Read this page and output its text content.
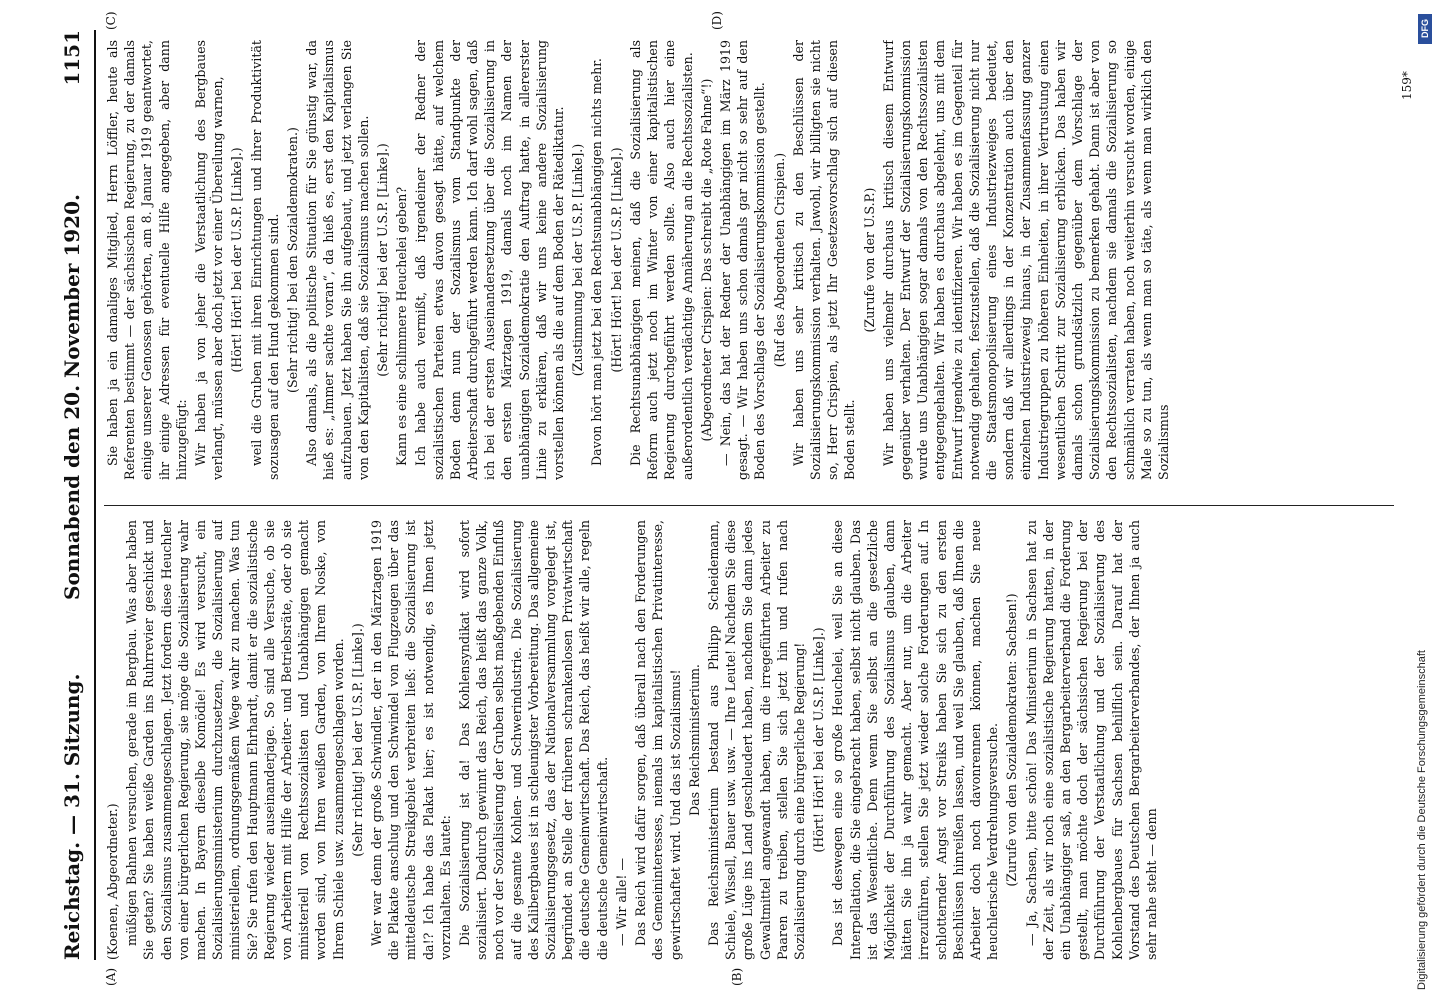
Reichstag. — 31. Sitzung.
Sonnabend den 20. November 1920.
1151
(A)	(B)
(C)	(D)

(Koenen, Abgeordneter.) müßigen Bahnen versuchen, gerade im Bergbau. Was aber haben Sie getan? Sie haben weiße Garden ins Ruhrrevier geschickt und den Sozialismus zusammengeschlagen. Jetzt fordern diese Heuchler von einer bürgerlichen Regierung, sie möge die Sozialisierung wahr machen. In Bayern dieselbe Komödie! Es wird versucht, ein Sozialisierungsministerium durchzusetzen, die Sozialisierung auf ministeriellem, ordnungsgemäßem Wege wahr zu machen. Was tun Sie? Sie rufen den Hauptmann Ehrhardt, damit er die sozialistische Regierung wieder auseinanderjage. So sind alle Versuche, ob sie von Arbeitern mit Hilfe der Arbeiter- und Betriebsräte, oder ob sie ministeriell von Rechtssozialisten und Unabhängigen gemacht worden sind, von Ihren weißen Garden, von Ihrem Noske, von Ihrem Schiele usw. zusammengeschlagen worden. (Sehr richtig! bei der U.S.P. [Linke].) Wer war denn der große Schwindler, der in den Märztagen 1919 die Plakate anschlug und den Schwindel von Flugzeugen über das mitteldeutsche Streikgebiet verbreiten ließ: die Sozialisierung ist da!? Ich habe das Plakat hier; es ist notwendig, es Ihnen jetzt vorzuhalten. Es lautet: Die Sozialisierung ist da! Das Kohlensyndikat wird sofort sozialisiert. Dadurch gewinnt das Reich, das heißt das ganze Volk, noch vor der Sozialisierung der Gruben selbst maßgebenden Einfluß auf die gesamte Kohlen- und Schwerindustrie. Die Sozialisierung des Kalibergbaues ist in schleunigster Vorbereitung. Das allgemeine Sozialisierungsgesetz, das der Nationalversammlung vorgelegt ist, begründet an Stelle der früheren schrankenlosen Privatwirtschaft die deutsche Gemeinwirtschaft. Das Reich, das heißt wir alle, regeln die deutsche Gemeinwirtschaft. — Wir alle! — Das Reich wird dafür sorgen, daß überall nach den Forderungen des Gemeininteresses, niemals im kapitalistischen Privatinteresse, gewirtschaftet wird. Und das ist Sozialismus! Das Reichsministerium. Das Reichsministerium bestand aus Philipp Scheidemann, Schiele, Wissell, Bauer usw. usw. — Ihre Leute! Nachdem Sie diese große Lüge ins Land geschleudert haben, nachdem Sie dann jedes Gewaltmittel angewandt haben, um die irregeführten Arbeiter zu Paaren zu treiben, stellen Sie sich jetzt hin und rufen nach Sozialisierung durch eine bürgerliche Regierung! (Hört! Hört! bei der U.S.P. [Linke].) Das ist deswegen eine so große Heuchelei, weil Sie an diese Interpellation, die Sie eingebracht haben, selbst nicht glauben. Das ist das Wesentliche. Denn wenn Sie selbst an die gesetzliche Möglichkeit der Durchführung des Sozialismus glauben, dann hätten Sie ihn ja wahr gemacht. Aber nur, um die Arbeiter irrezuführen, stellen Sie jetzt wieder solche Forderungen auf. In schlotternder Angst vor Streiks haben Sie sich zu den ersten Beschlüssen hinreißen lassen, und weil Sie glauben, daß Ihnen die Arbeiter doch noch davonrennen können, machen Sie neue heuchlerische Verdrehungsversuche. (Zurufe von den Sozialdemokraten: Sachsen!) — Ja, Sachsen, bitte schön! Das Ministerium in Sachsen hat zu der Zeit, als wir noch eine sozialistische Regierung hatten, in der ein Unabhängiger saß, an den Bergarbeiterverband die Forderung gestellt, man möchte doch der sächsischen Regierung bei der Durchführung der Verstaatlichung und der Sozialisierung des Kohlenbergbaues für Sachsen behilflich sein. Darauf hat der Vorstand des Deutschen Bergarbeiterverbandes, der Ihnen ja auch sehr nahe steht — denn

Sie haben ja ein damaliges Mitglied, Herrn Löffler, heute als Referenten bestimmt — der sächsischen Regierung, zu der damals einige unserer Genossen gehörten, am 8. Januar 1919 geantwortet, ihr einige Adressen für eventuelle Hilfe angegeben, aber dann hinzugefügt: Wir haben ja von jeher die Verstaatlichung des Bergbaues verlangt, müssen aber doch jetzt vor einer Übereilung warnen, (Hört! Hört! bei der U.S.P. [Linke].) weil die Gruben mit ihren Einrichtungen und ihrer Produktivität sozusagen auf den Hund gekommen sind. (Sehr richtig! bei den Sozialdemokraten.) Also damals, als die politische Situation für Sie günstig war, da hieß es: „Immer sachte voran“, da hieß es, erst den Kapitalismus aufzubauen. Jetzt haben Sie ihn aufgebaut, und jetzt verlangen Sie von den Kapitalisten, daß sie Sozialismus machen sollen. (Sehr richtig! bei der U.S.P. [Linke].) Kann es eine schlimmere Heuchelei geben? Ich habe auch vermißt, daß irgendeiner der Redner der sozialistischen Parteien etwas davon gesagt hätte, auf welchem Boden denn nun der Sozialismus vom Standpunkte der Arbeiterschaft durchgeführt werden kann. Ich darf wohl sagen, daß ich bei der ersten Auseinandersetzung über die Sozialisierung in den ersten Märztagen 1919, damals noch im Namen der unabhängigen Sozialdemokratie den Auftrag hatte, in allererster Linie zu erklären, daß wir uns keine andere Sozialisierung vorstellen können als die auf dem Boden der Rätediktatur. (Zustimmung bei der U.S.P. [Linke].) Davon hört man jetzt bei den Rechtsunabhängigen nichts mehr. (Hört! Hört! bei der U.S.P. [Linke].) Die Rechtsunabhängigen meinen, daß die Sozialisierung als Reform auch jetzt noch im Winter von einer kapitalistischen Regierung durchgeführt werden sollte. Also auch hier eine außerordentlich verdächtige Annäherung an die Rechtssozialisten. (Abgeordneter Crispien: Das schreibt die „Rote Fahne“!) — Nein, das hat der Redner der Unabhängigen im März 1919 gesagt. — Wir haben uns schon damals gar nicht so sehr auf den Boden des Vorschlags der Sozialisierungskommission gestellt. (Ruf des Abgeordneten Crispien.) Wir haben uns sehr kritisch zu den Beschlüssen der Sozialisierungskommission verhalten. Jawohl, wir billigten sie nicht so, Herr Crispien, als jetzt Ihr Gesetzesvorschlag sich auf diesen Boden stellt.

(Zurufe von der U.S.P.) Wir haben uns vielmehr durchaus kritisch diesem Entwurf gegenüber verhalten. Der Entwurf der Sozialisierungskommission wurde uns Unabhängigen sogar damals von den Rechtssozialisten entgegengehalten. Wir haben es durchaus abgelehnt, uns mit dem Entwurf irgendwie zu identifizieren. Wir haben es im Gegenteil für notwendig gehalten, festzustellen, daß die Sozialisierung nicht nur die Staatsmonopolisierung eines Industriezweiges bedeutet, sondern daß wir allerdings in der Konzentration auch über den einzelnen Industriezweig hinaus, in der Zusammenfassung ganzer Industriegruppen zu höheren Einheiten, in ihrer Vertrustung einen wesentlichen Schritt zur Sozialisierung erblicken. Das haben wir damals schon grundsätzlich gegenüber dem Vorschlage der Sozialisierungskommission zu bemerken gehabt. Dann ist aber von den Rechtssozialisten, nachdem sie damals die Sozialisierung so schmählich verraten haben, noch weiterhin versucht worden, einige Male so zu tun, als wenn man so täte, als wenn man wirklich den Sozialismus

159*
DFG
Digitalisierung gefördert durch die Deutsche Forschungsgemeinschaft
